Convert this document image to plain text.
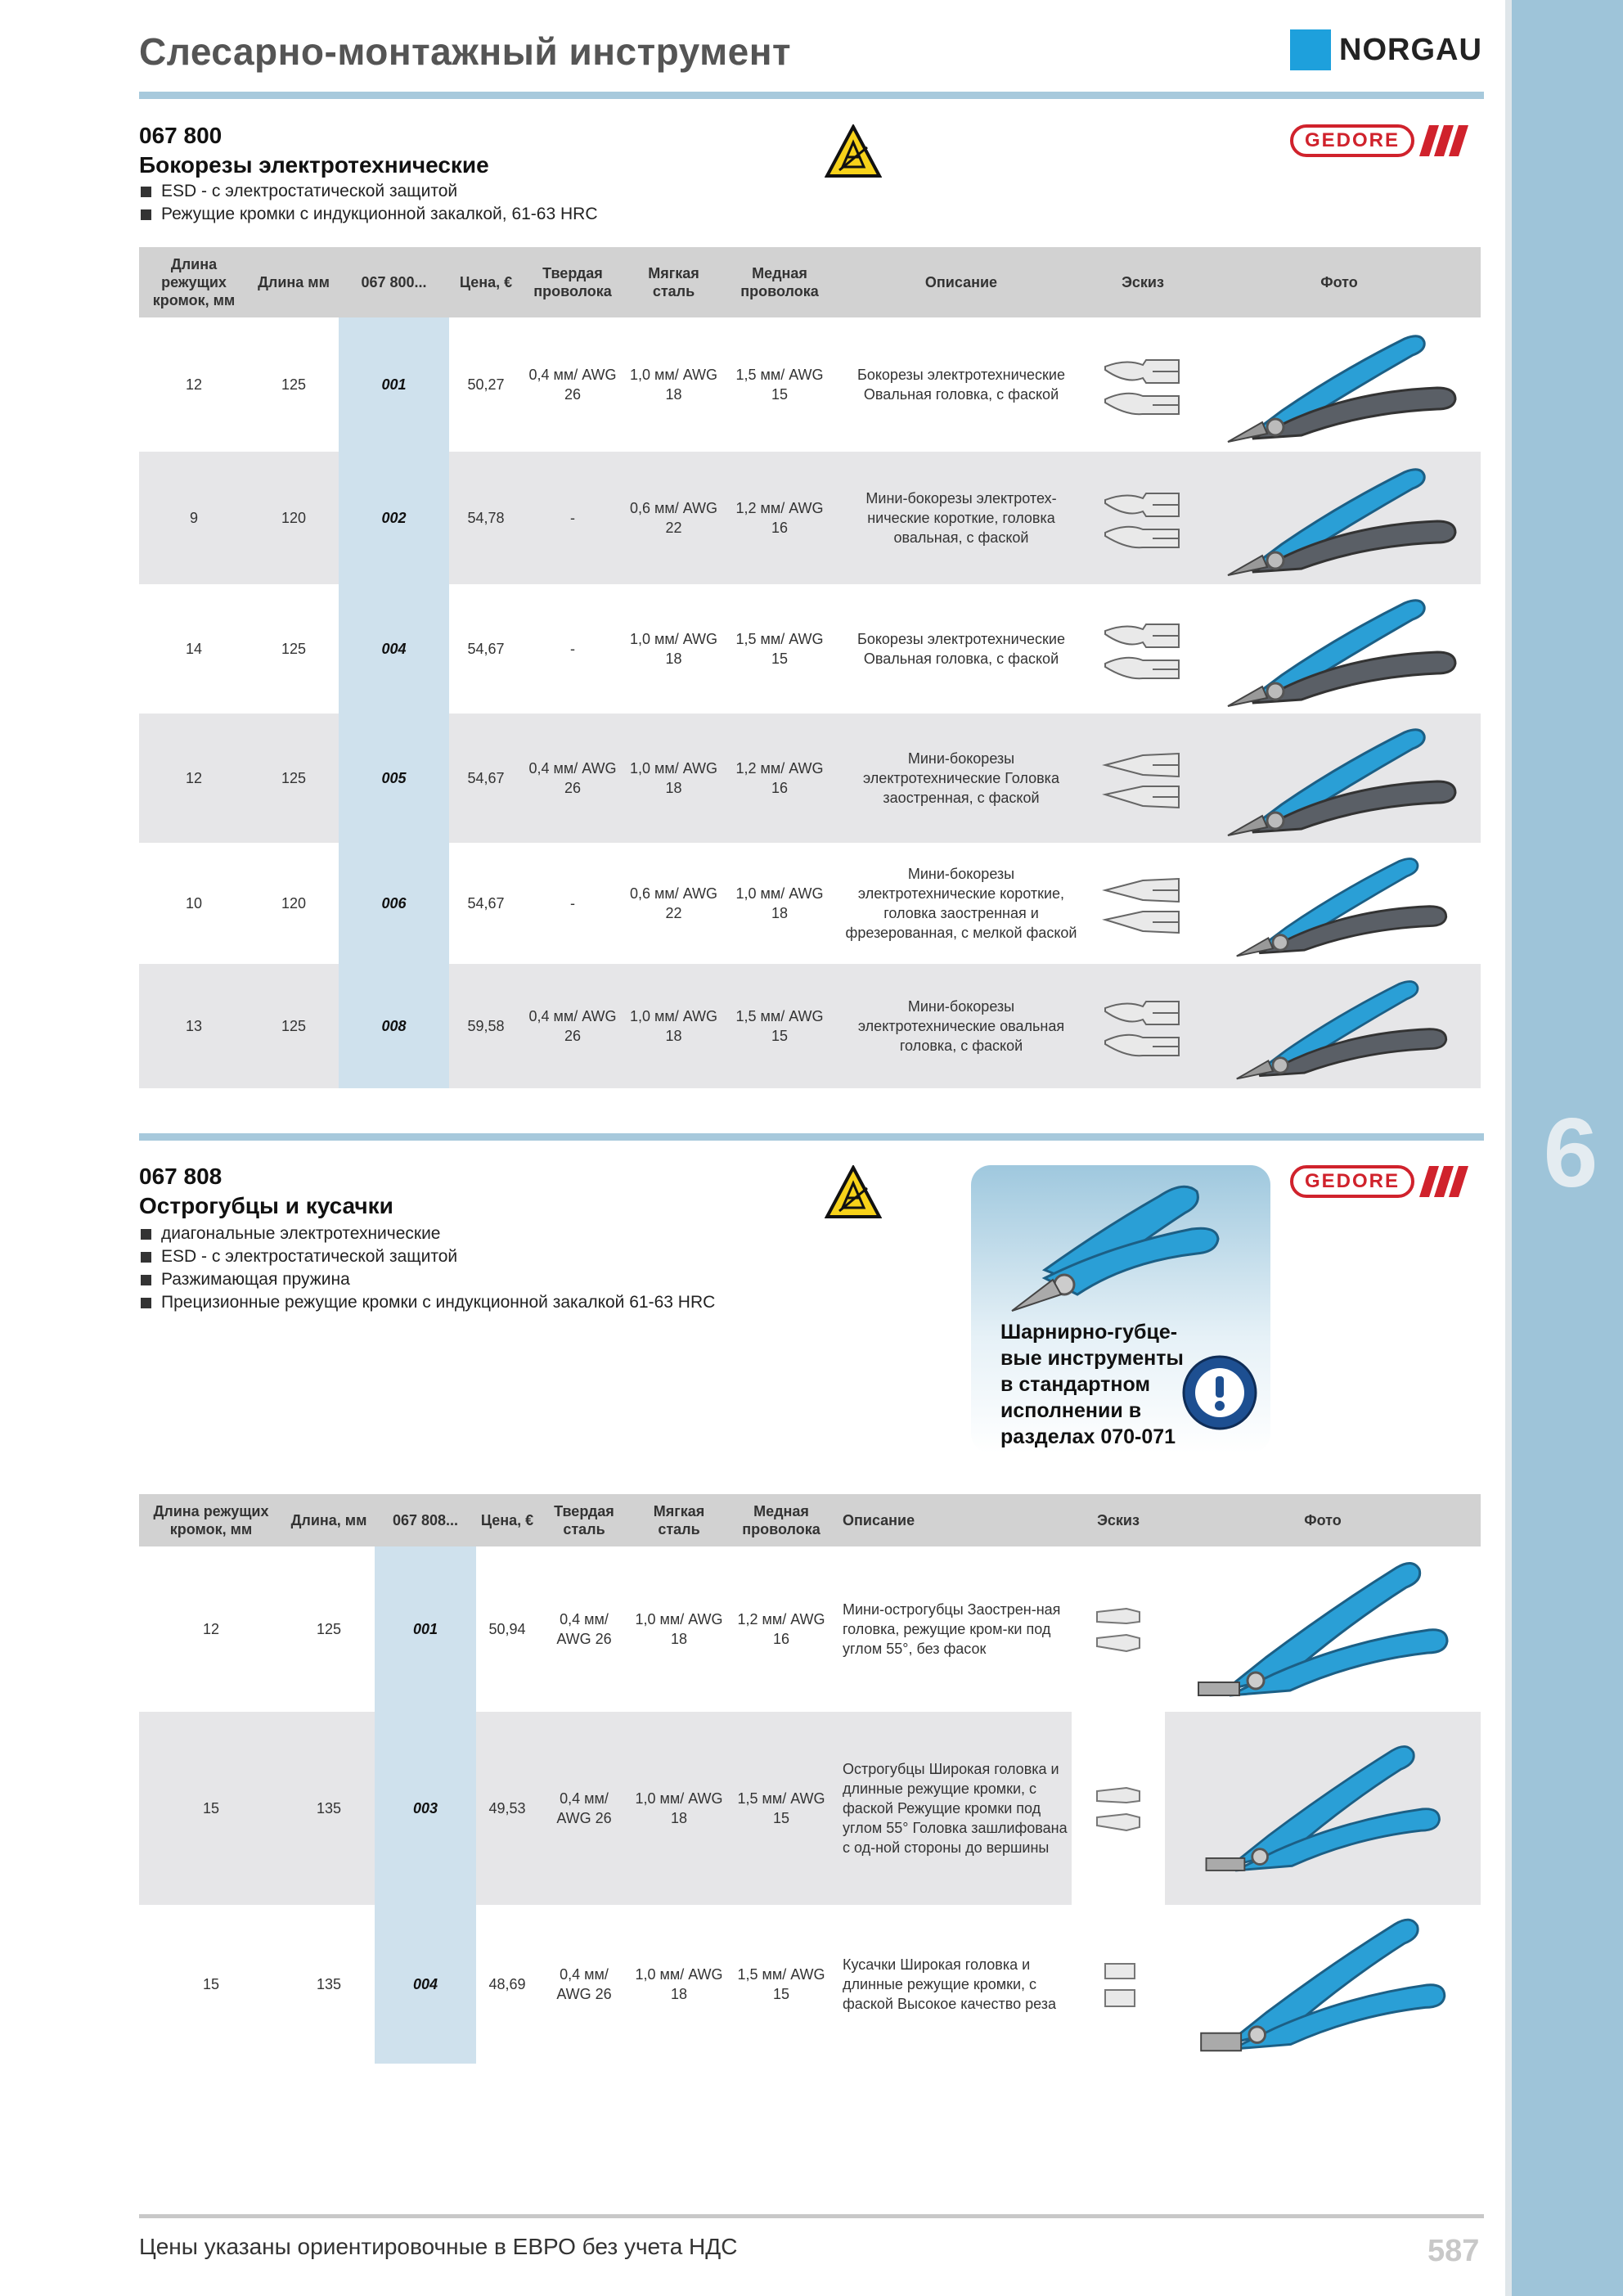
6
Слесарно-монтажный инструмент	NORGAU
067 800
Бокорезы электротехнические
ESD - с электростатической защитой
Режущие кромки с индукционной закалкой, 61-63 HRC
GEDORE
Длина режущих кромок, мм	Длина мм	067 800...	Цена, €	Твердая проволока	Мягкая сталь	Медная проволока	Описание	Эскиз	Фото
12	125	001	50,27	0,4 мм/ AWG 26	1,0 мм/ AWG 18	1,5 мм/ AWG 15	Бокорезы электротехнические Овальная головка, с фаской	

9	120	002	54,78	-	0,6 мм/ AWG 22	1,2 мм/ AWG 16	Мини-бокорезы электротех-нические короткие, головка овальная, с фаской	

14	125	004	54,67	-	1,0 мм/ AWG 18	1,5 мм/ AWG 15	Бокорезы электротехнические Овальная головка, с фаской	

12	125	005	54,67	0,4 мм/ AWG 26	1,0 мм/ AWG 18	1,2 мм/ AWG 16	Мини-бокорезы электротехнические Головка заостренная, с фаской	

10	120	006	54,67	-	0,6 мм/ AWG 22	1,0 мм/ AWG 18	Мини-бокорезы электротехнические короткие, головка заостренная и фрезерованная, с мелкой фаской	

13	125	008	59,58	0,4 мм/ AWG 26	1,0 мм/ AWG 18	1,5 мм/ AWG 15	Мини-бокорезы электротехнические овальная головка, с фаской	

067 808
Острогубцы и кусачки
диагональные электротехнические
ESD - с электростатической защитой
Разжимающая пружина
Прецизионные режущие кромки с индукционной закалкой 61-63 HRC
Шарнирно-губце-вые инструменты в стандартном исполнении в разделах 070-071
GEDORE
Длина режущих кромок, мм	Длина, мм	067 808...	Цена, €	Твердая сталь	Мягкая сталь	Медная проволока	Описание	Эскиз	Фото
12	125	001	50,94	0,4 мм/ AWG 26	1,0 мм/ AWG 18	1,2 мм/ AWG 16	Мини-острогубцы Заострен-ная головка, режущие кром-ки под углом 55°, без фасок	

15	135	003	49,53	0,4 мм/ AWG 26	1,0 мм/ AWG 18	1,5 мм/ AWG 15	Острогубцы Широкая головка и длинные режущие кромки, с фаской Режущие кромки под углом 55° Головка зашлифована с од-ной стороны до вершины	

15	135	004	48,69	0,4 мм/ AWG 26	1,0 мм/ AWG 18	1,5 мм/ AWG 15	Кусачки Широкая головка и длинные режущие кромки, с фаской Высокое качество реза	

Цены указаны ориентировочные в ЕВРО без учета НДС	587
